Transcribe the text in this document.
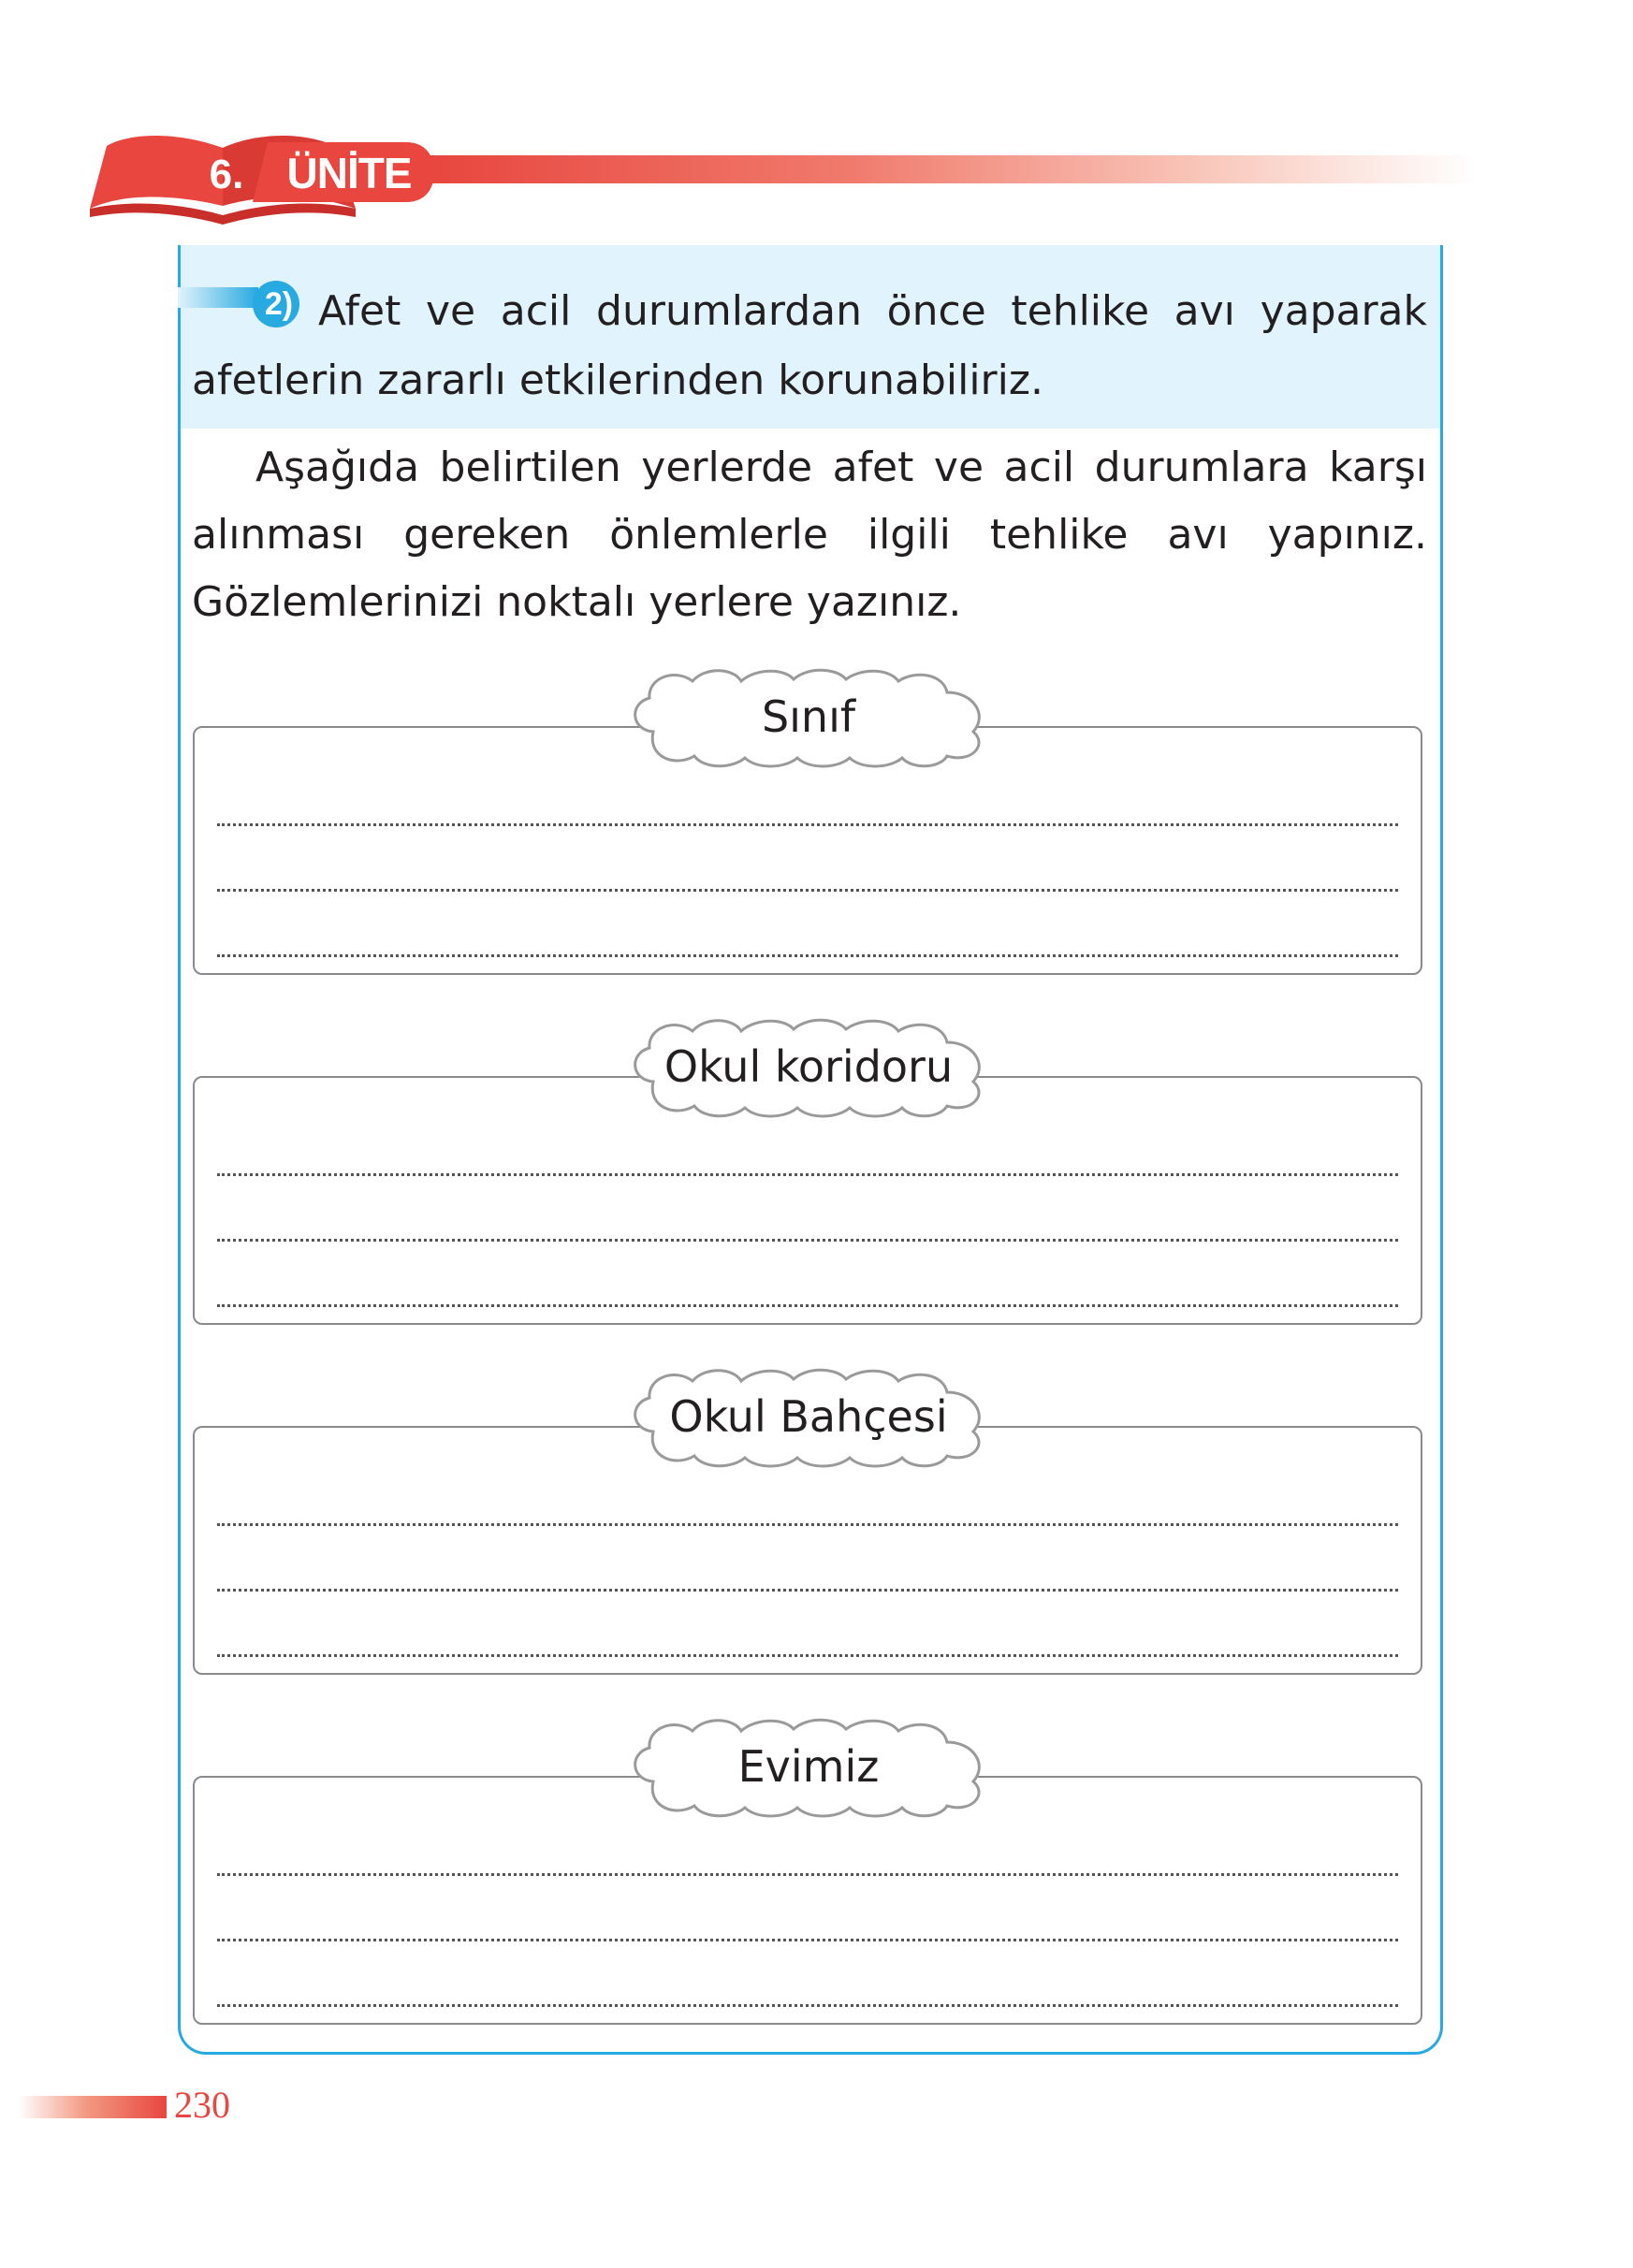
6.	ÜNİTE
2) Afet ve acil durumlardan önce tehlike avı yaparak afetlerin zararlı etkilerinden korunabiliriz.
Aşağıda belirtilen yerlerde afet ve acil durumlara karşı alınması gereken önlemlerle ilgili tehlike avı yapınız. Gözlemlerinizi noktalı yerlere yazınız.
Sınıf
Okul koridoru
Okul Bahçesi
Evimiz
230
